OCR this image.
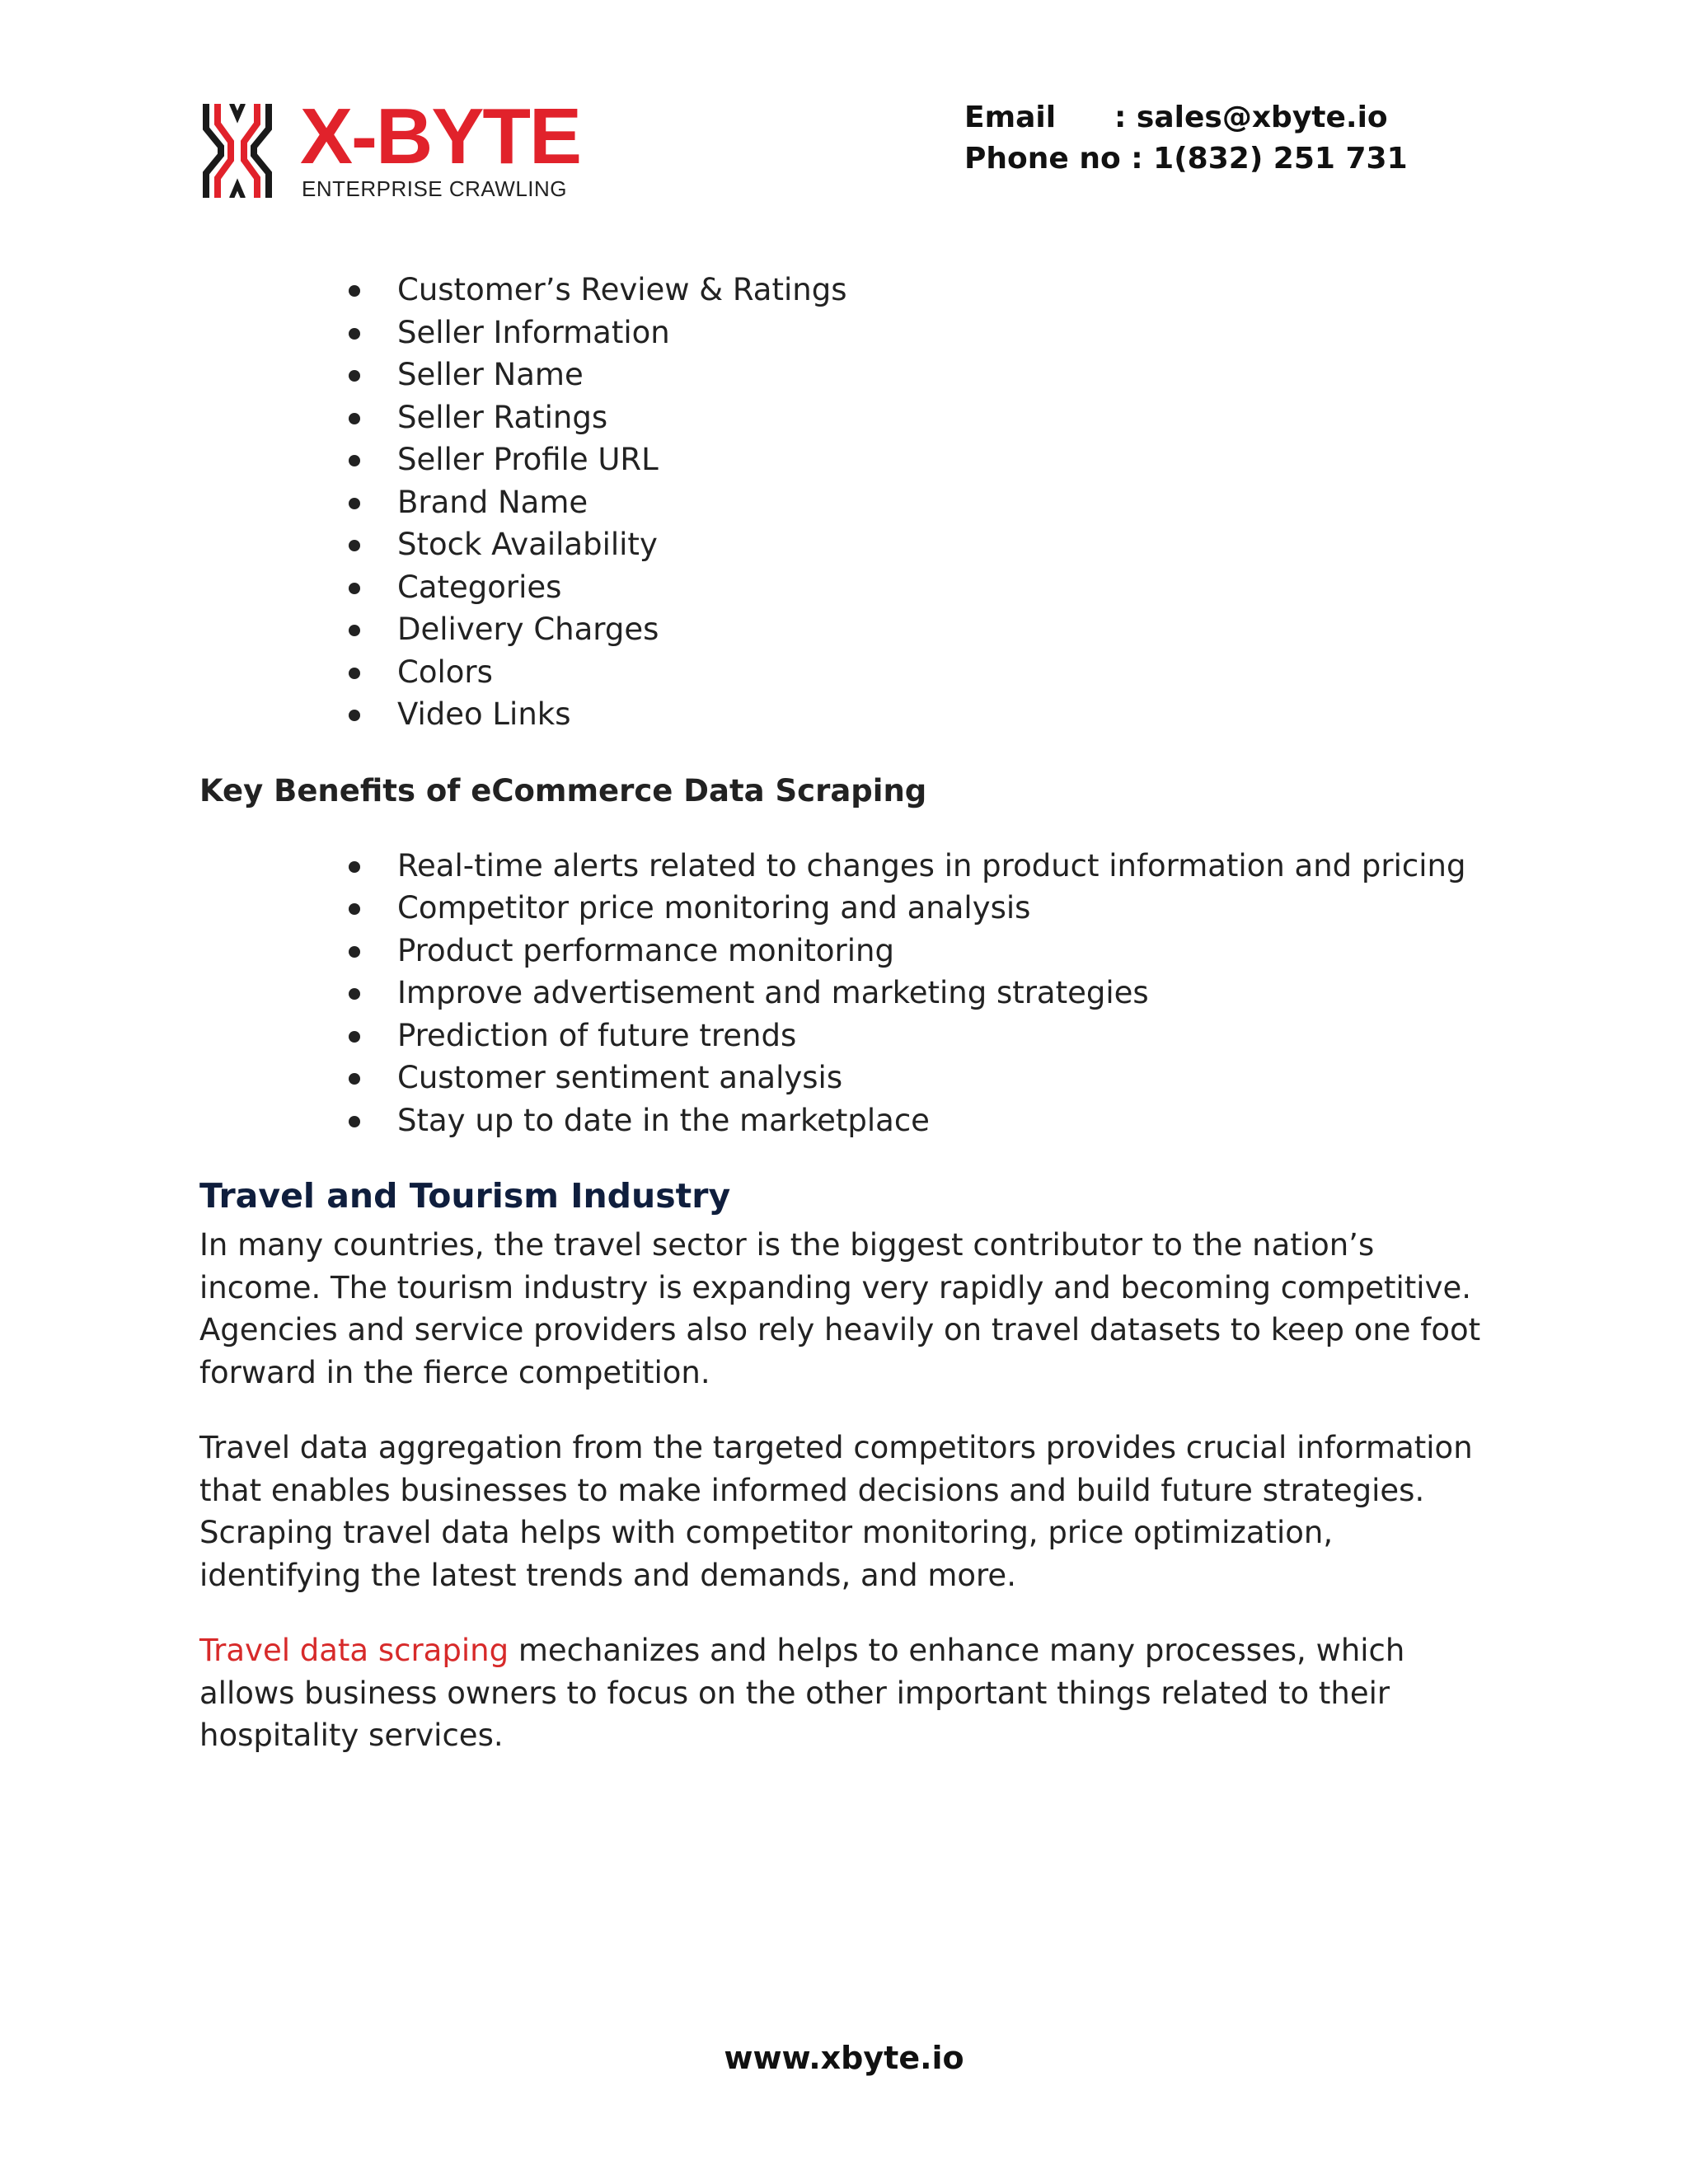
X-BYTE
ENTERPRISE CRAWLING
Email : sales@xbyte.io
Phone no : 1(832) 251 731
Customer’s Review & Ratings
Seller Information
Seller Name
Seller Ratings
Seller Profile URL
Brand Name
Stock Availability
Categories
Delivery Charges
Colors
Video Links
Key Benefits of eCommerce Data Scraping
Real-time alerts related to changes in product information and pricing
Competitor price monitoring and analysis
Product performance monitoring
Improve advertisement and marketing strategies
Prediction of future trends
Customer sentiment analysis
Stay up to date in the marketplace
Travel and Tourism Industry

In many countries, the travel sector is the biggest contributor to the nation’s
income. The tourism industry is expanding very rapidly and becoming competitive.
Agencies and service providers also rely heavily on travel datasets to keep one foot
forward in the fierce competition.

Travel data aggregation from the targeted competitors provides crucial information
that enables businesses to make informed decisions and build future strategies.
Scraping travel data helps with competitor monitoring, price optimization,
identifying the latest trends and demands, and more.

Travel data scraping mechanizes and helps to enhance many processes, which
allows business owners to focus on the other important things related to their
hospitality services.

www.xbyte.io
